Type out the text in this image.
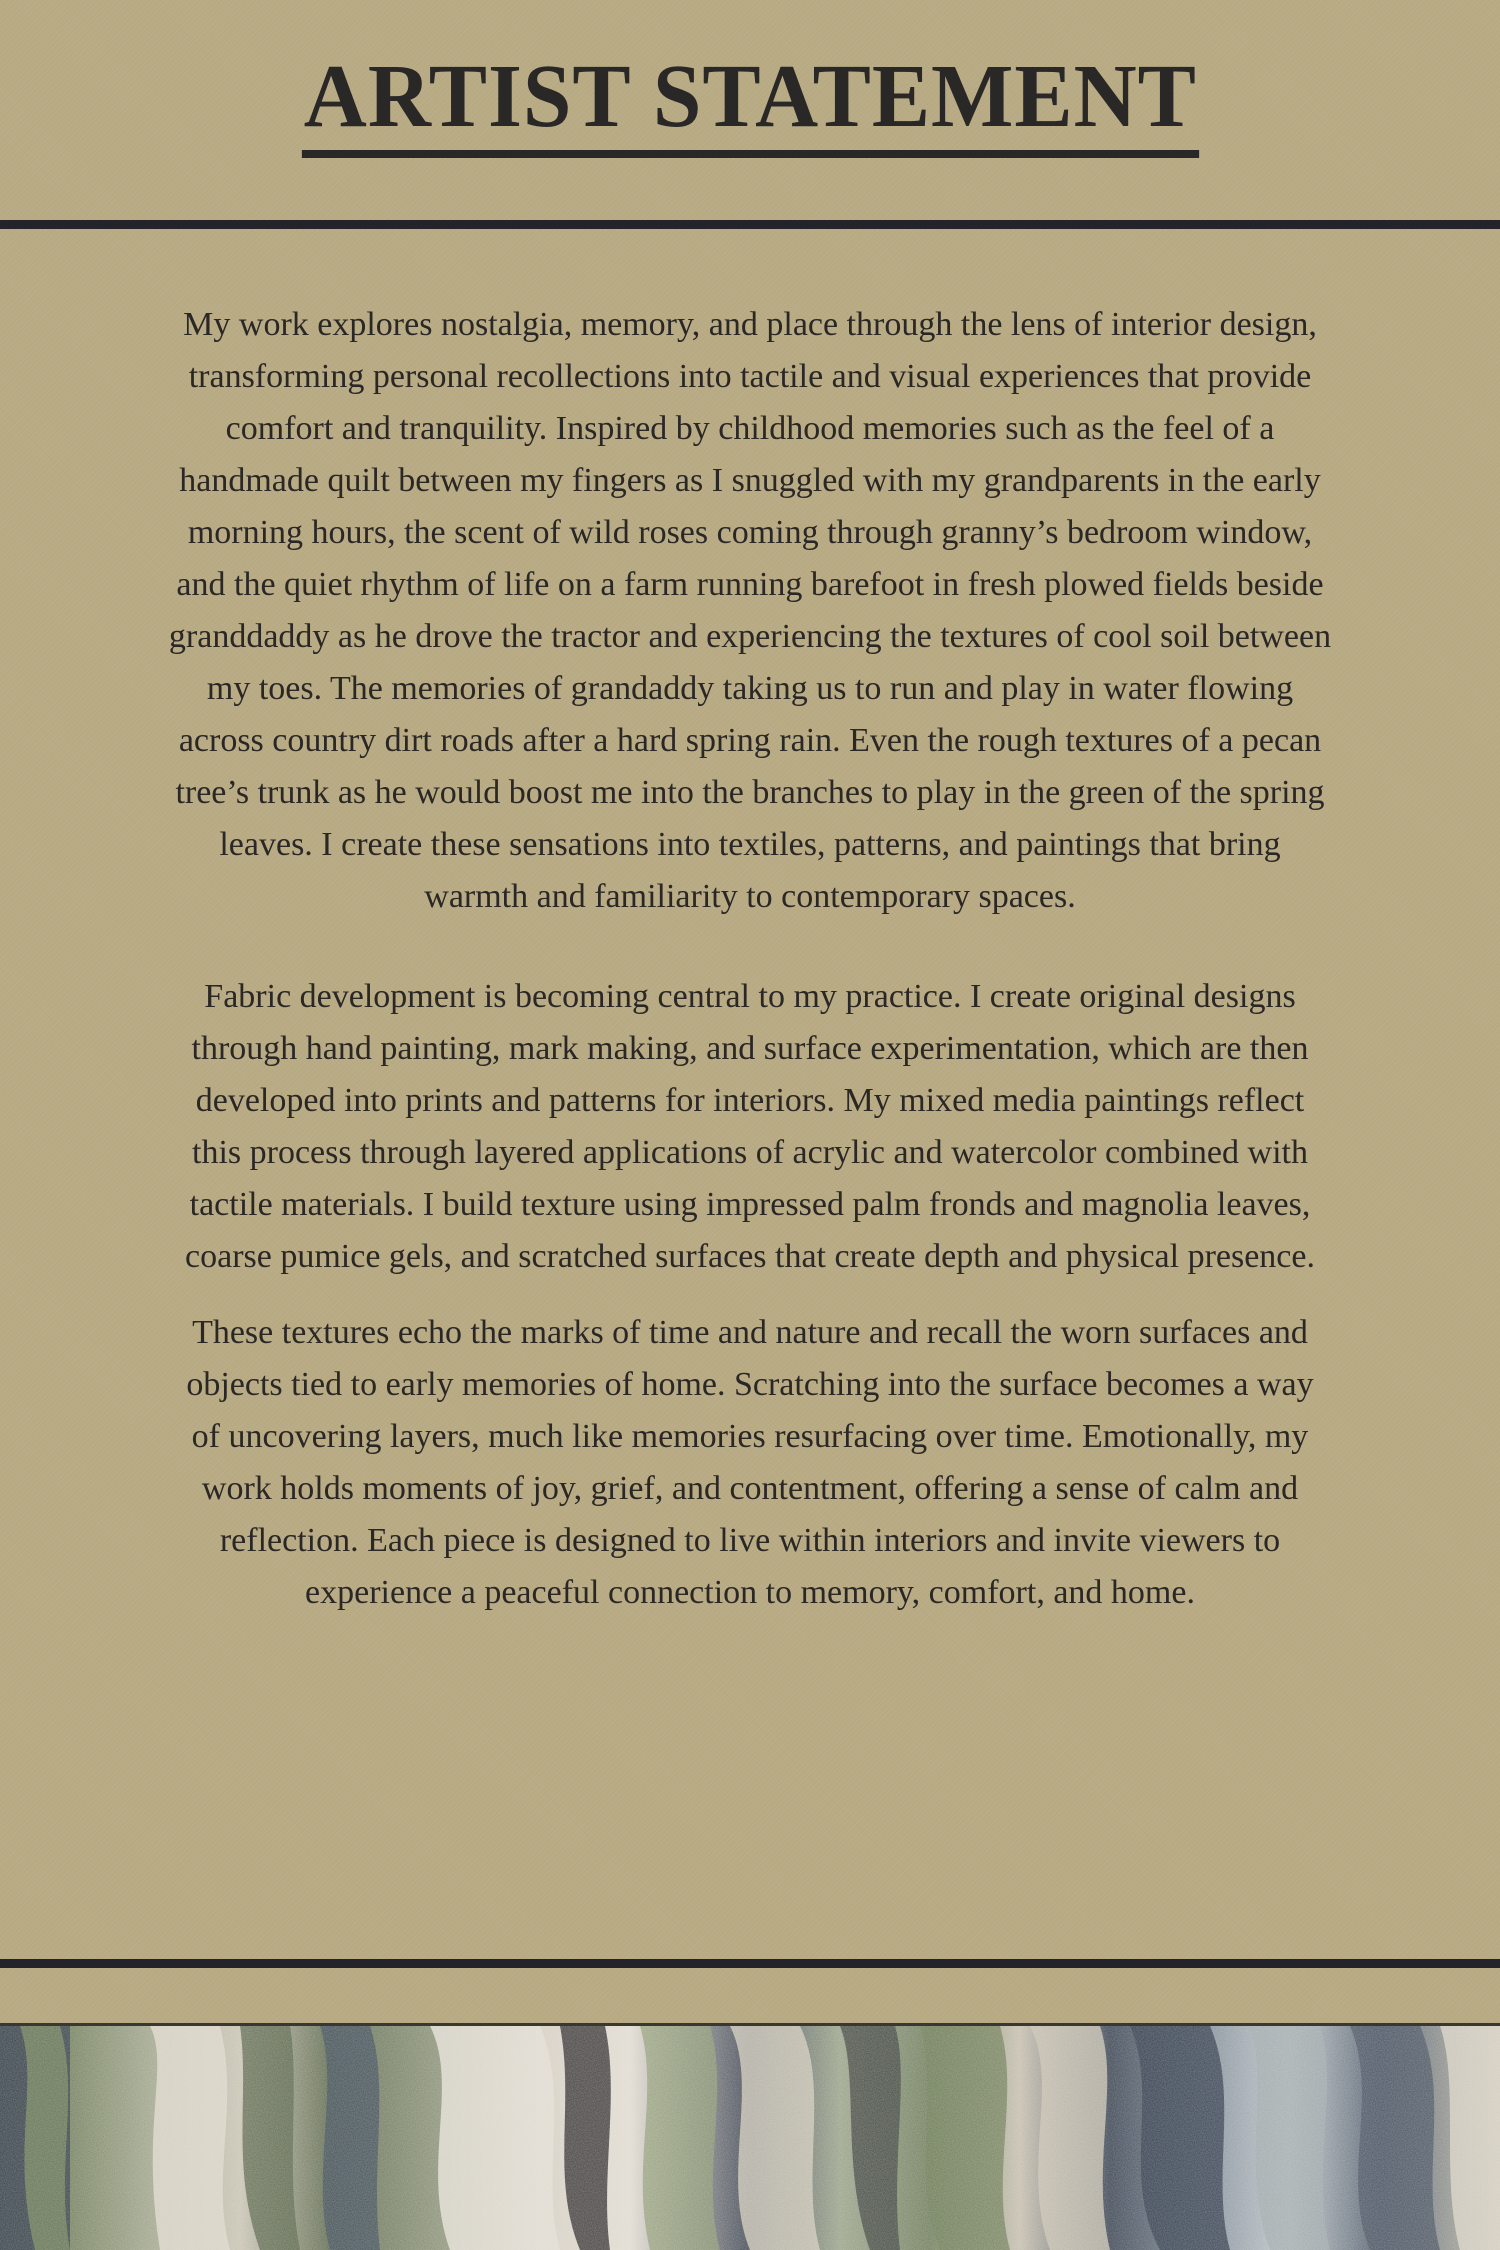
ARTIST STATEMENT

My work explores nostalgia, memory, and place through the lens of interior design, transforming personal recollections into tactile and visual experiences that provide comfort and tranquility. Inspired by childhood memories such as the feel of a handmade quilt between my fingers as I snuggled with my grandparents in the early morning hours, the scent of wild roses coming through granny’s bedroom window, and the quiet rhythm of life on a farm running barefoot in fresh plowed fields beside granddaddy as he drove the tractor and experiencing the textures of cool soil between my toes. The memories of grandaddy taking us to run and play in water flowing across country dirt roads after a hard spring rain. Even the rough textures of a pecan tree’s trunk as he would boost me into the branches to play in the green of the spring leaves. I create these sensations into textiles, patterns, and paintings that bring warmth and familiarity to contemporary spaces.

Fabric development is becoming central to my practice. I create original designs through hand painting, mark making, and surface experimentation, which are then developed into prints and patterns for interiors. My mixed media paintings reflect this process through layered applications of acrylic and watercolor combined with tactile materials. I build texture using impressed palm fronds and magnolia leaves, coarse pumice gels, and scratched surfaces that create depth and physical presence.

These textures echo the marks of time and nature and recall the worn surfaces and objects tied to early memories of home. Scratching into the surface becomes a way of uncovering layers, much like memories resurfacing over time. Emotionally, my work holds moments of joy, grief, and contentment, offering a sense of calm and reflection. Each piece is designed to live within interiors and invite viewers to experience a peaceful connection to memory, comfort, and home.
